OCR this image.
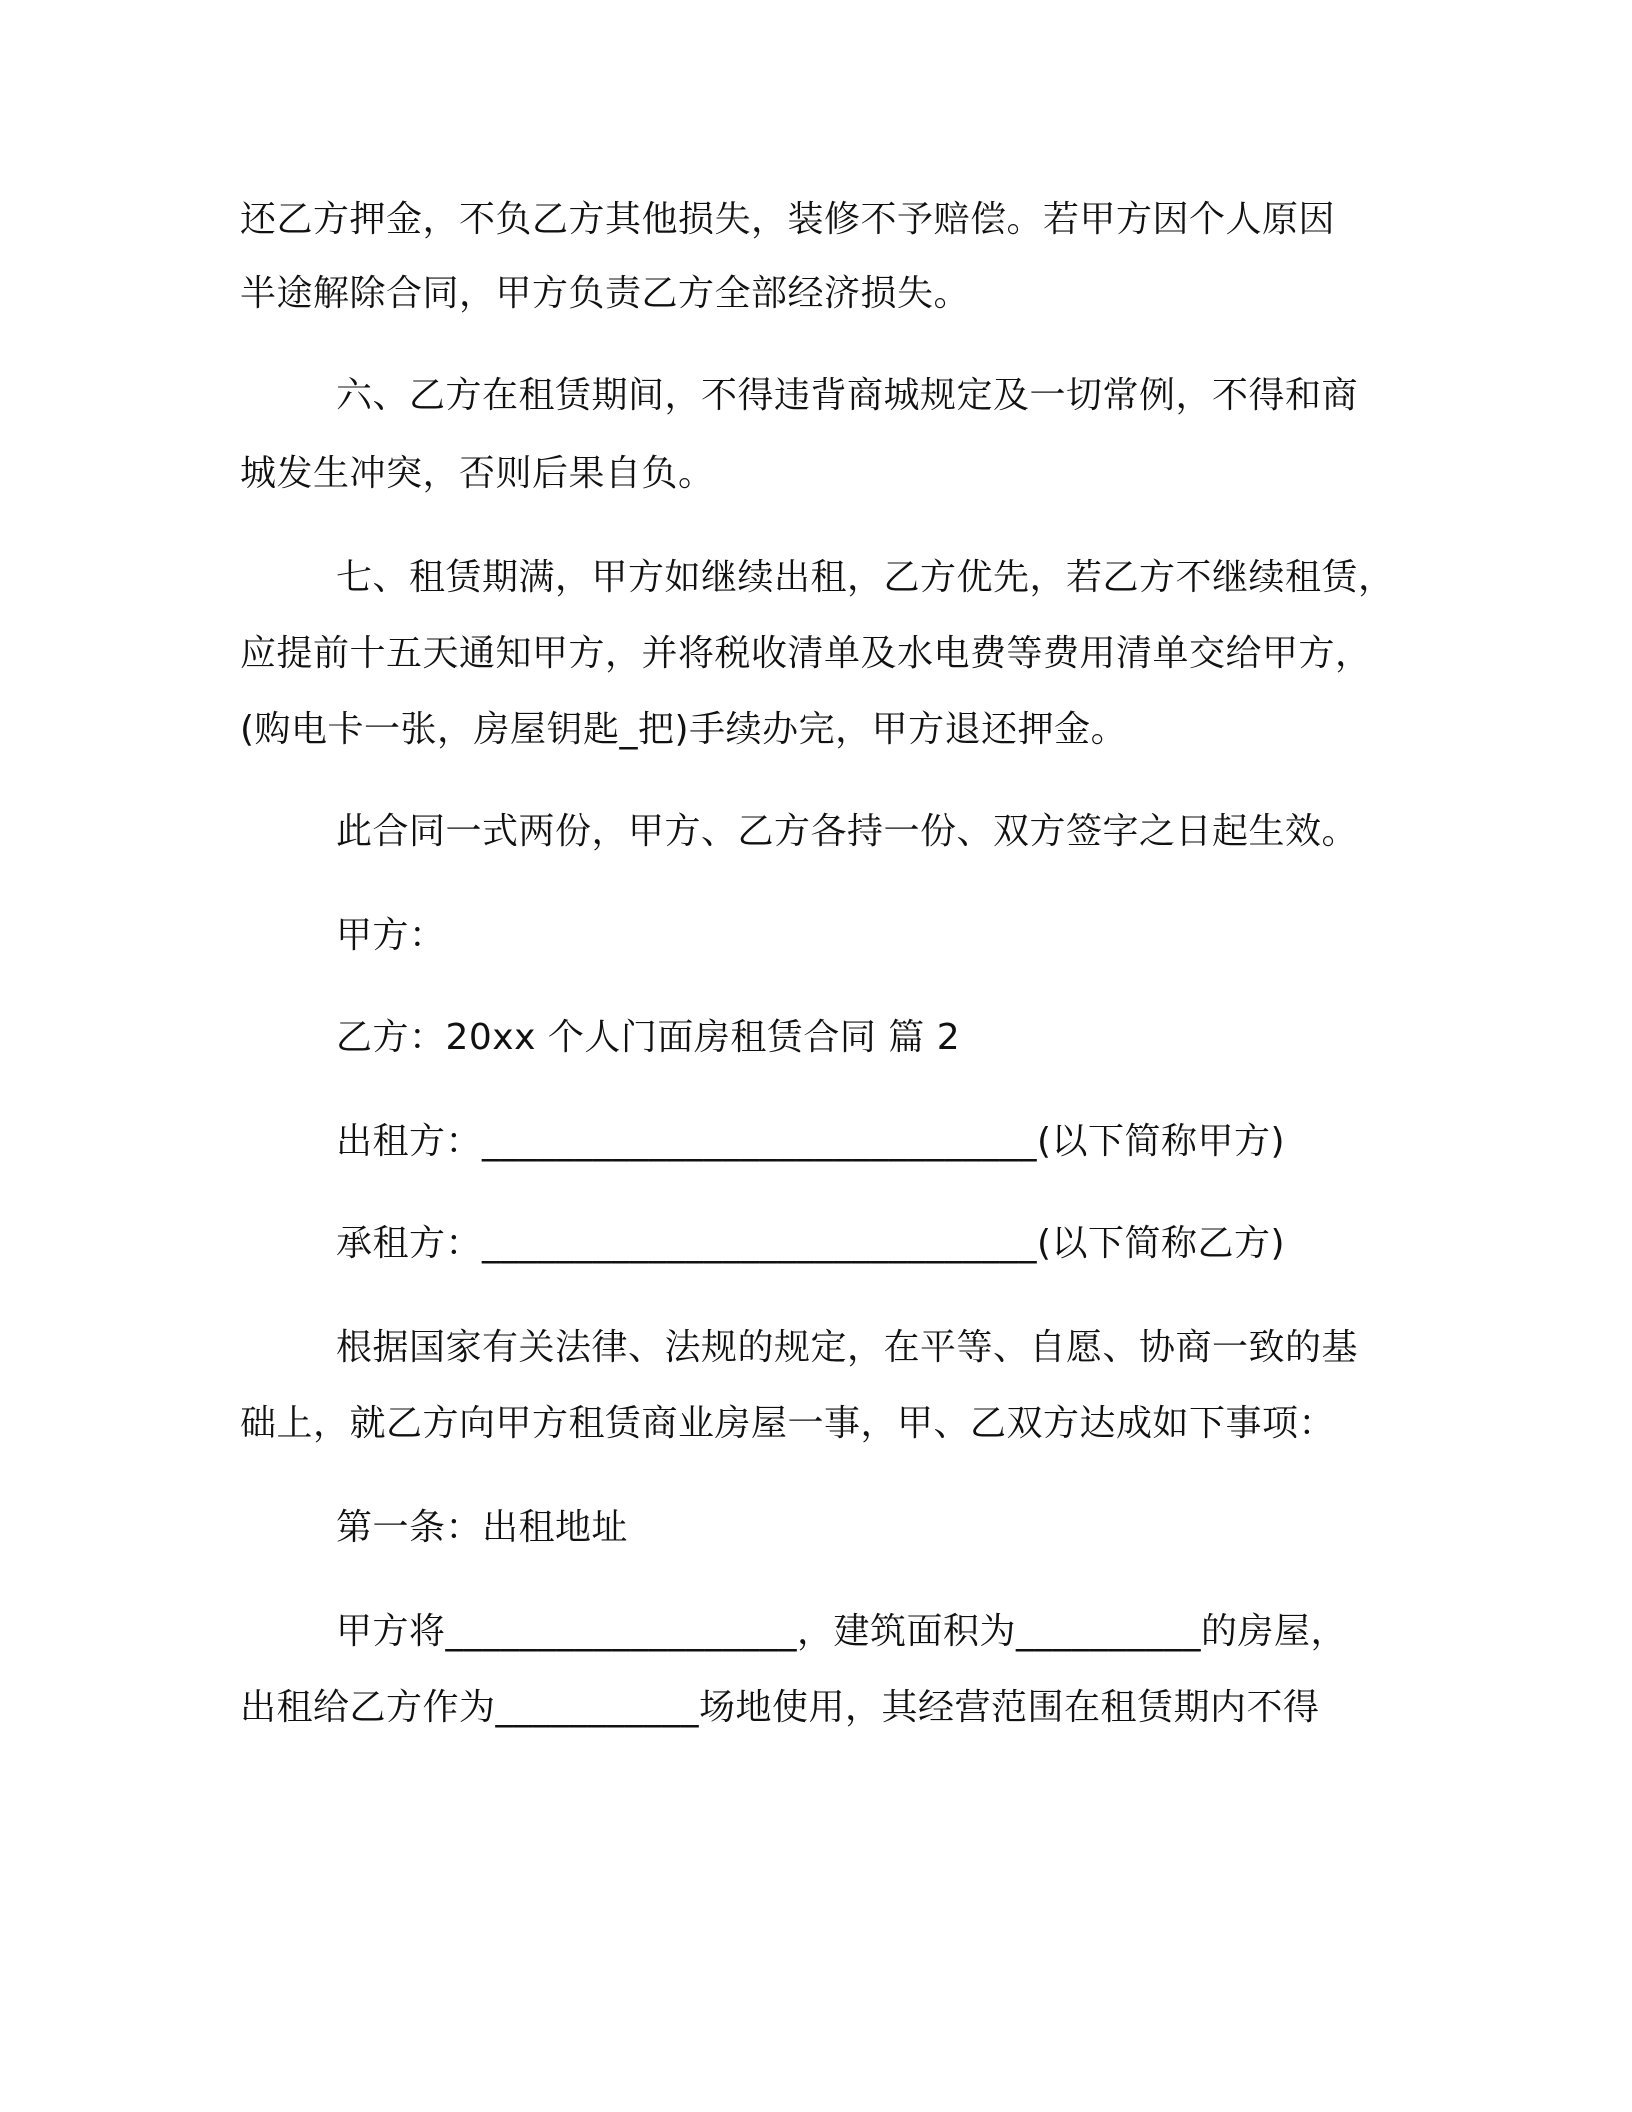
还乙方押金，不负乙方其他损失，装修不予赔偿。若甲方因个人原因
半途解除合同，甲方负责乙方全部经济损失。
六、乙方在租赁期间，不得违背商城规定及一切常例，不得和商
城发生冲突，否则后果自负。
七、租赁期满，甲方如继续出租，乙方优先，若乙方不继续租赁，
应提前十五天通知甲方，并将税收清单及水电费等费用清单交给甲方，
(购电卡一张，房屋钥匙_把)手续办完，甲方退还押金。
此合同一式两份，甲方、乙方各持一份、双方签字之日起生效。
甲方：
乙方：20xx 个人门面房租赁合同 篇 2
出租方：______________________________(以下简称甲方)
承租方：______________________________(以下简称乙方)
根据国家有关法律、法规的规定，在平等、自愿、协商一致的基
础上，就乙方向甲方租赁商业房屋一事，甲、乙双方达成如下事项：
第一条：出租地址
甲方将___________________，建筑面积为__________的房屋，
出租给乙方作为___________场地使用，其经营范围在租赁期内不得
